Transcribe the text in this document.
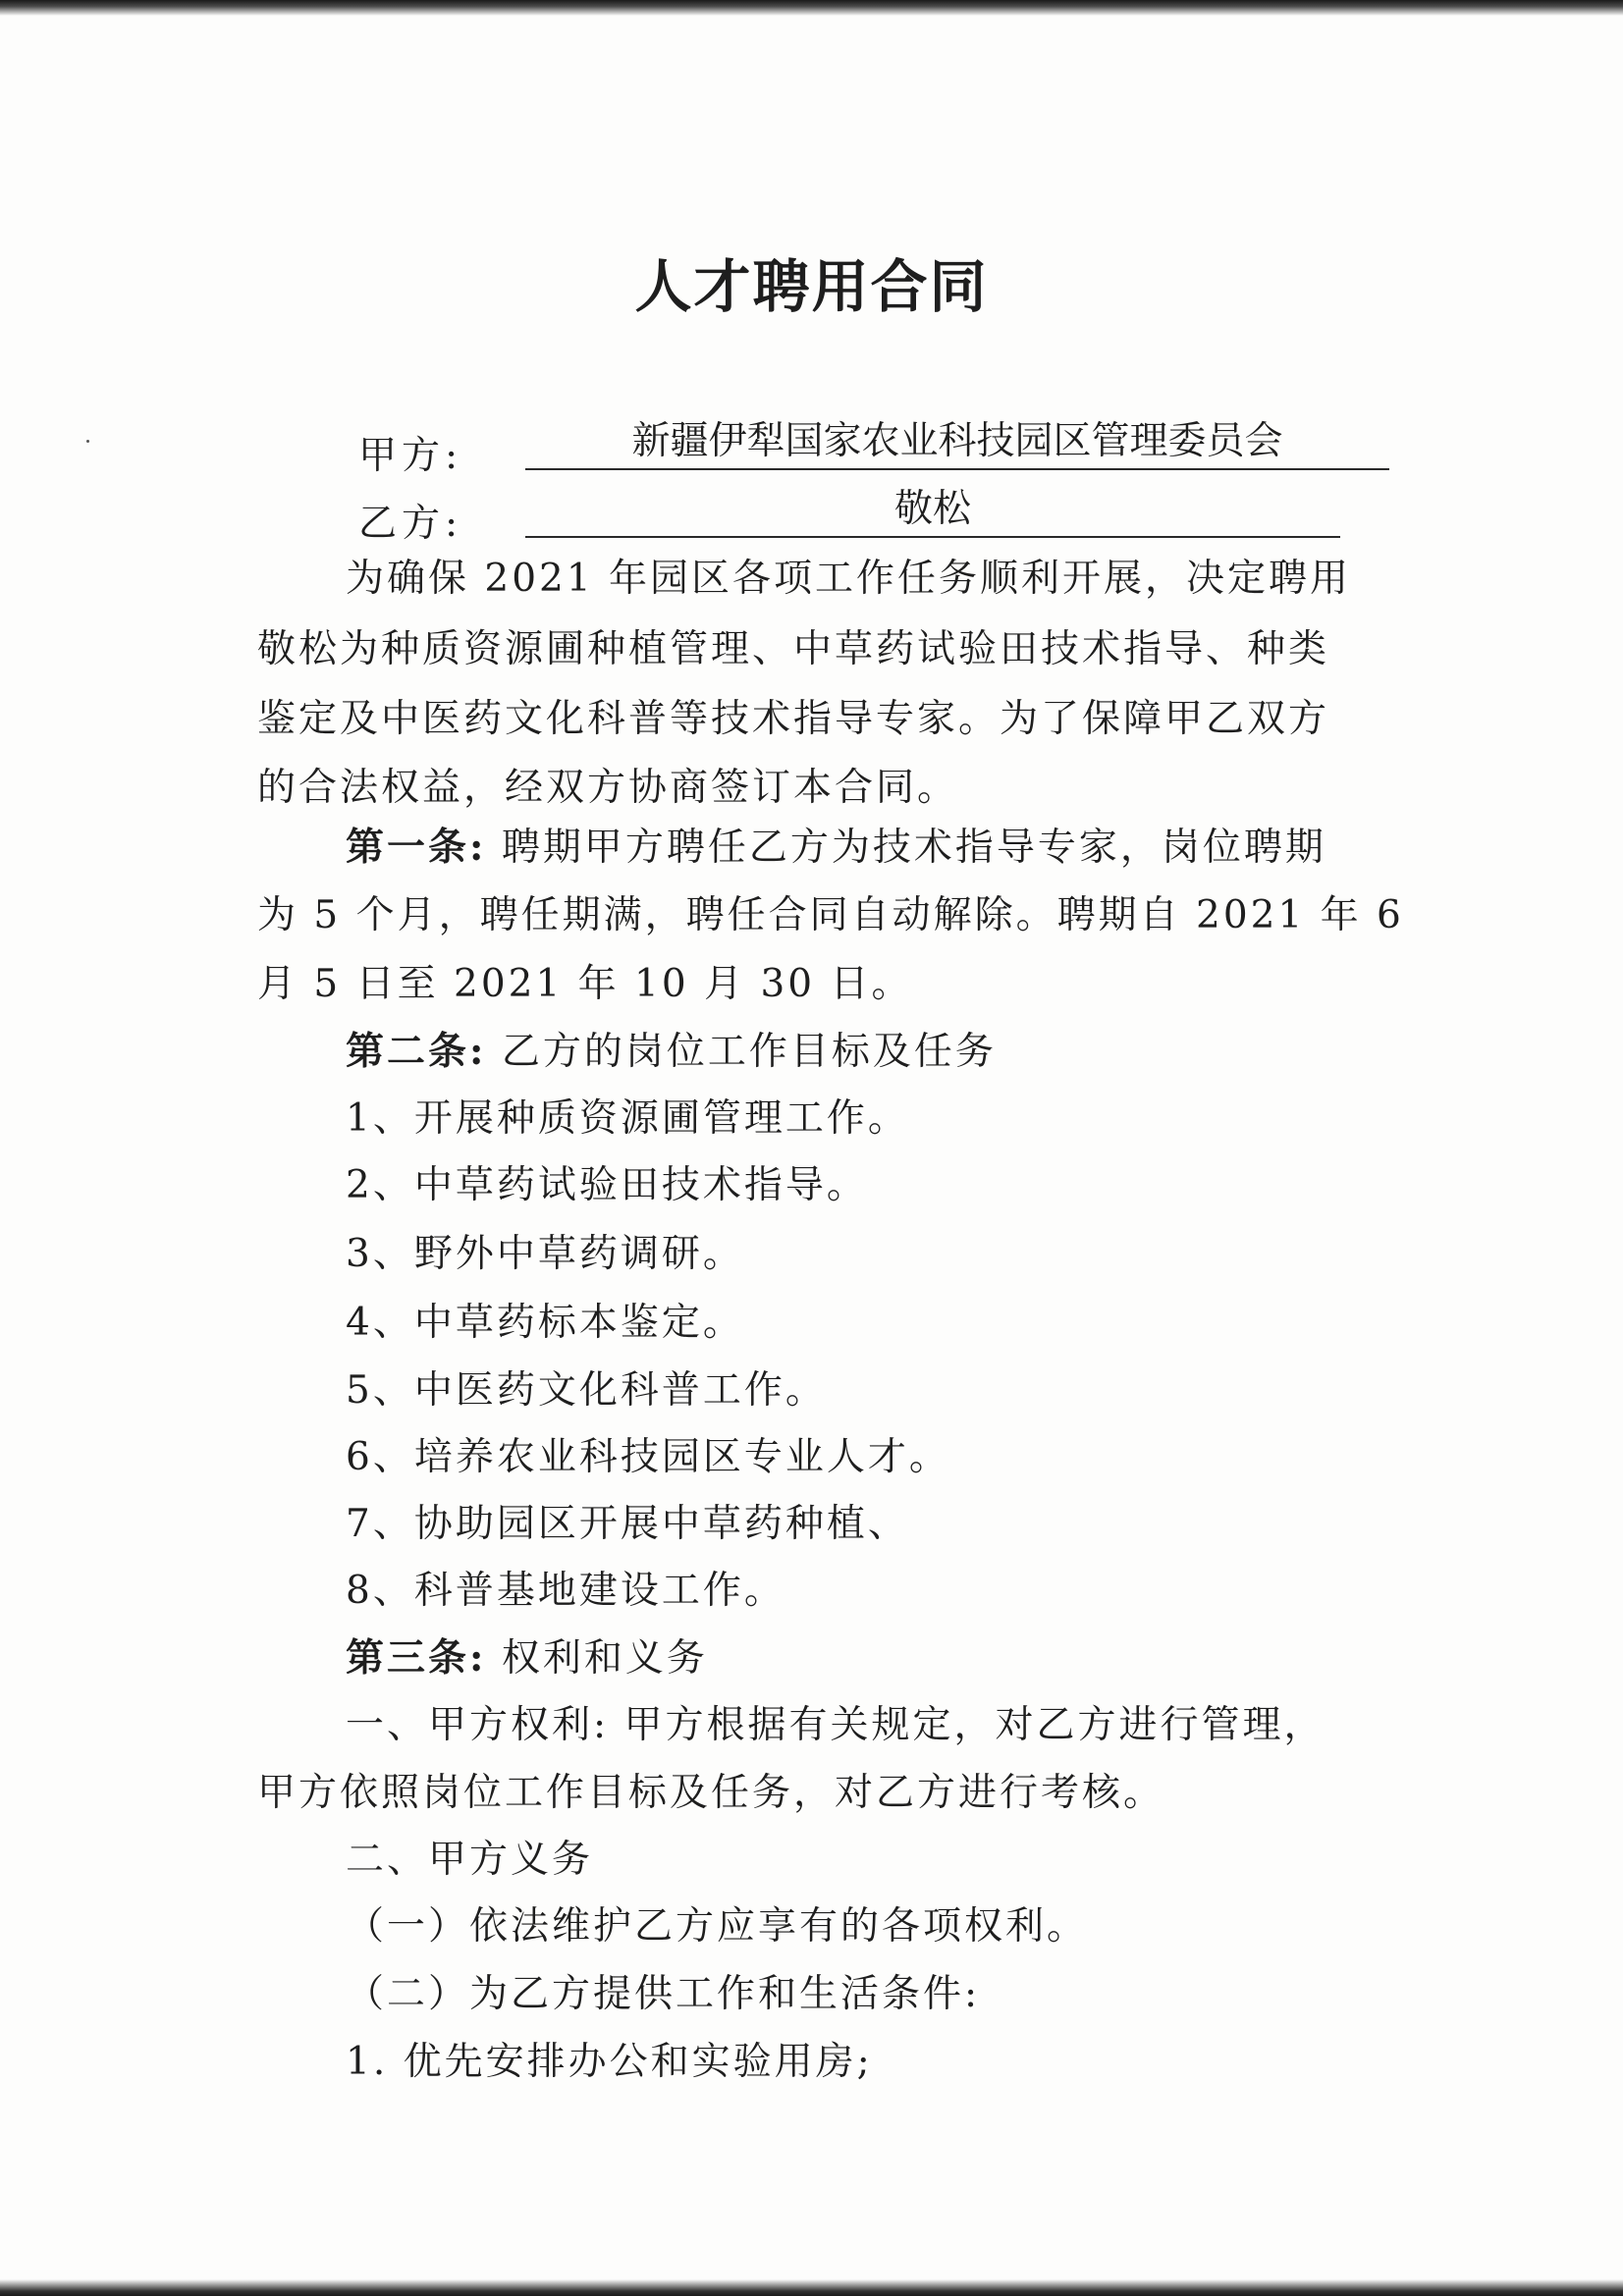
人才聘用合同
甲方:	新疆伊犁国家农业科技园区管理委员会
乙方:	敬松
为确保 2021 年园区各项工作任务顺利开展，决定聘用
敬松为种质资源圃种植管理、中草药试验田技术指导、种类
鉴定及中医药文化科普等技术指导专家。为了保障甲乙双方
的合法权益，经双方协商签订本合同。
第一条: 聘期甲方聘任乙方为技术指导专家，岗位聘期
为 5 个月，聘任期满，聘任合同自动解除。聘期自 2021 年 6
月 5 日至 2021 年 10 月 30 日。
第二条: 乙方的岗位工作目标及任务
1、开展种质资源圃管理工作。
2、中草药试验田技术指导。
3、野外中草药调研。
4、中草药标本鉴定。
5、中医药文化科普工作。
6、培养农业科技园区专业人才。
7、协助园区开展中草药种植、
8、科普基地建设工作。
第三条: 权利和义务
一、甲方权利: 甲方根据有关规定，对乙方进行管理，
甲方依照岗位工作目标及任务，对乙方进行考核。
二、甲方义务
（一）依法维护乙方应享有的各项权利。
（二）为乙方提供工作和生活条件:
1. 优先安排办公和实验用房;
